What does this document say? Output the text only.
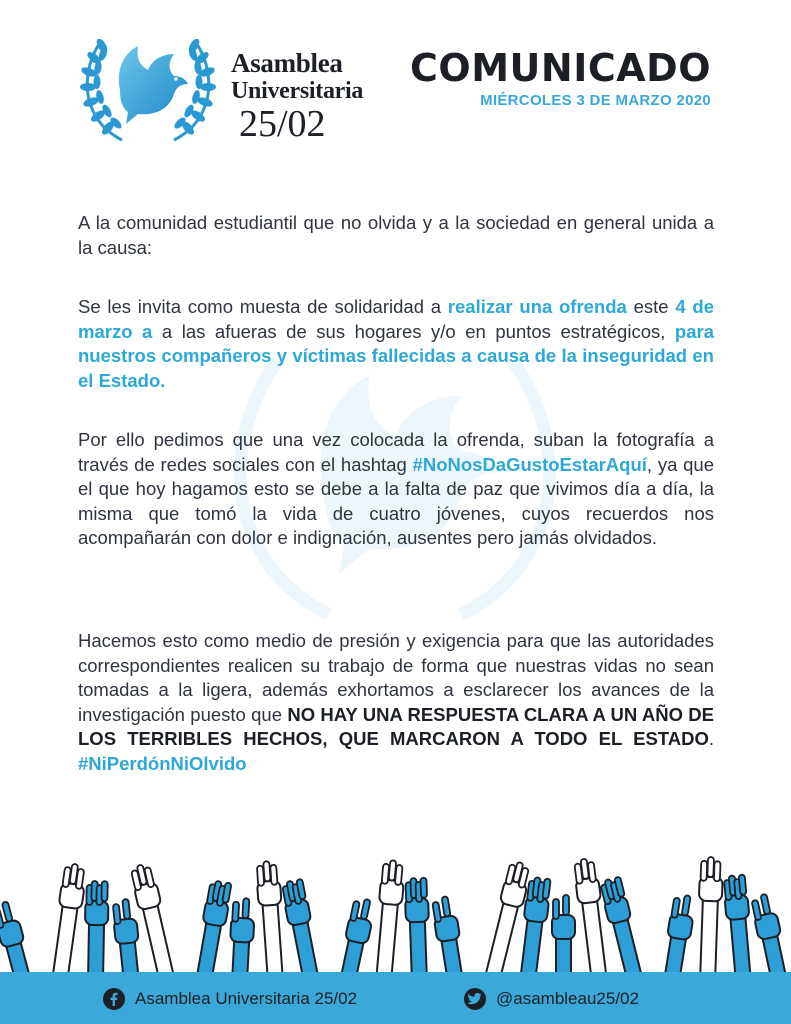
Asamblea
Universitaria
25/02
COMUNICADO
MIÉRCOLES 3 DE MARZO 2020

A la comunidad estudiantil que no olvida y a la sociedad en general unida a la causa:

Se les invita como muesta de solidaridad a realizar una ofrenda este 4 de marzo a a las afueras de sus hogares y/o en puntos estratégicos, para nuestros compañeros y víctimas fallecidas a causa de la inseguridad en el Estado.

Por ello pedimos que una vez colocada la ofrenda, suban la fotografía a través de redes sociales con el hashtag #NoNosDaGustoEstarAquí, ya que el que hoy hagamos esto se debe a la falta de paz que vivimos día a día, la misma que tomó la vida de cuatro jóvenes, cuyos recuerdos nos acompañarán con dolor e indignación, ausentes pero jamás olvidados.

Hacemos esto como medio de presión y exigencia para que las autoridades correspondientes realicen su trabajo de forma que nuestras vidas no sean tomadas a la ligera, además exhortamos a esclarecer los avances de la investigación puesto que NO HAY UNA RESPUESTA CLARA A UN AÑO DE LOS TERRIBLES HECHOS, QUE MARCARON A TODO EL ESTADO. #NiPerdónNiOlvido

Asamblea Universitaria 25/02	@asambleau25/02
